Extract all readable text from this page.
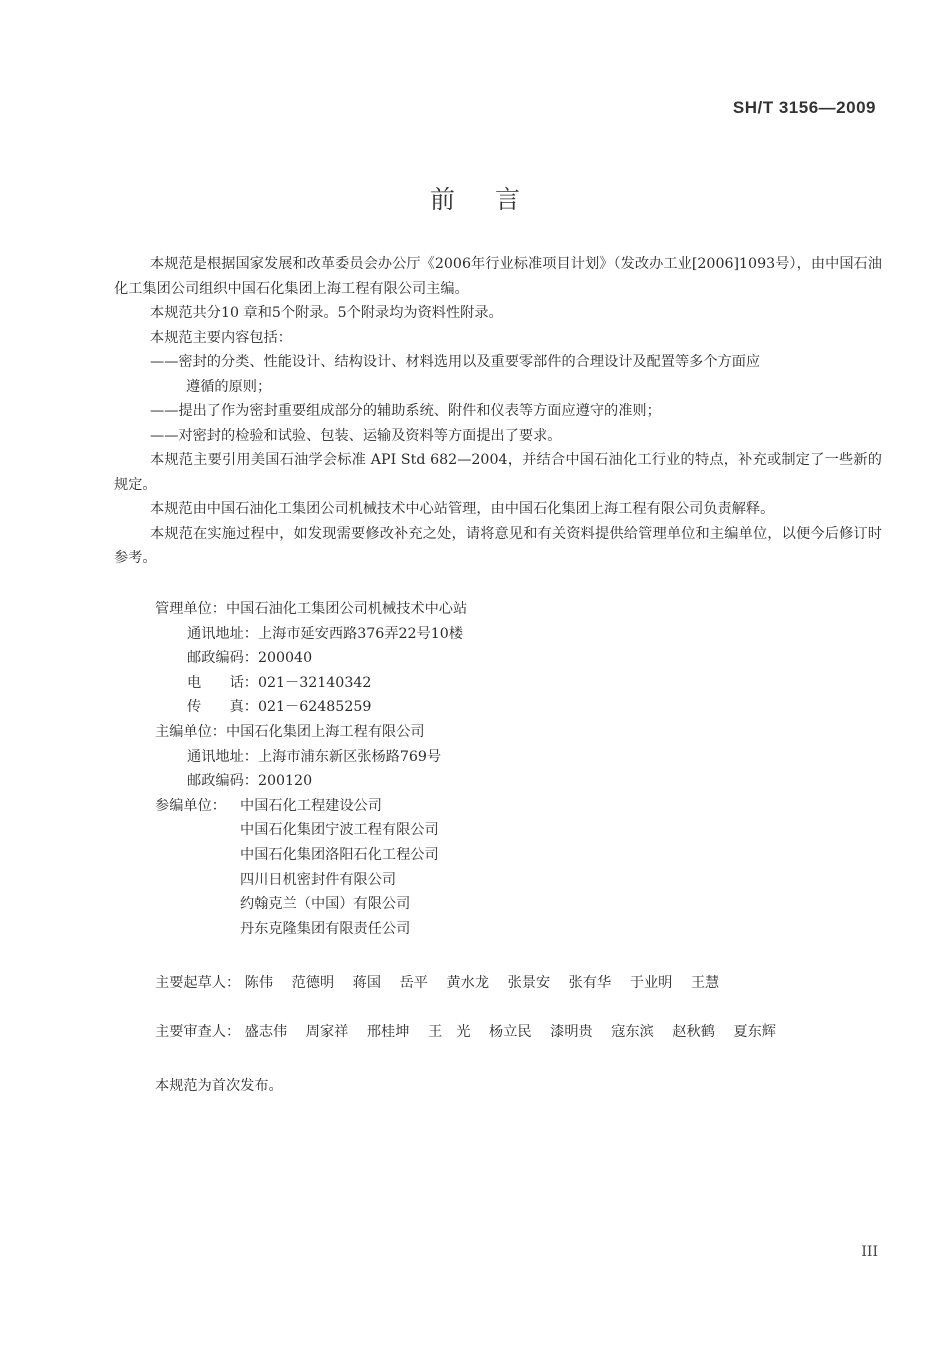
SH/T 3156—2009
前言

本规范是根据国家发展和改革委员会办公厅《2006年行业标准项目计划》（发改办工业[2006]1093号），由中国石油化工集团公司组织中国石化集团上海工程有限公司主编。

本规范共分10 章和5个附录。5个附录均为资料性附录。

本规范主要内容包括：

——密封的分类、性能设计、结构设计、材料选用以及重要零部件的合理设计及配置等多个方面应

遵循的原则；

——提出了作为密封重要组成部分的辅助系统、附件和仪表等方面应遵守的准则；

——对密封的检验和试验、包装、运输及资料等方面提出了要求。

本规范主要引用美国石油学会标准 API Std 682—2004，并结合中国石油化工行业的特点，补充或制定了一些新的规定。

本规范由中国石油化工集团公司机械技术中心站管理，由中国石化集团上海工程有限公司负责解释。

本规范在实施过程中，如发现需要修改补充之处，请将意见和有关资料提供给管理单位和主编单位，以便今后修订时参考。

管理单位：中国石油化工集团公司机械技术中心站
通讯地址：上海市延安西路376弄22号10楼
邮政编码：200040
电　　话：021－32140342
传　　真：021－62485259
主编单位：中国石化集团上海工程有限公司
通讯地址：上海市浦东新区张杨路769号
邮政编码：200120
参编单位： 中国石化工程建设公司
中国石化集团宁波工程有限公司
中国石化集团洛阳石化工程公司
四川日机密封件有限公司
约翰克兰（中国）有限公司
丹东克隆集团有限责任公司
主要起草人： 陈伟 范德明 蒋国 岳平 黄水龙 张景安 张有华 于业明 王慧
主要审查人： 盛志伟 周家祥 邢桂坤 王　光 杨立民 漆明贵 寇东滨 赵秋鹤 夏东辉
本规范为首次发布。
III
